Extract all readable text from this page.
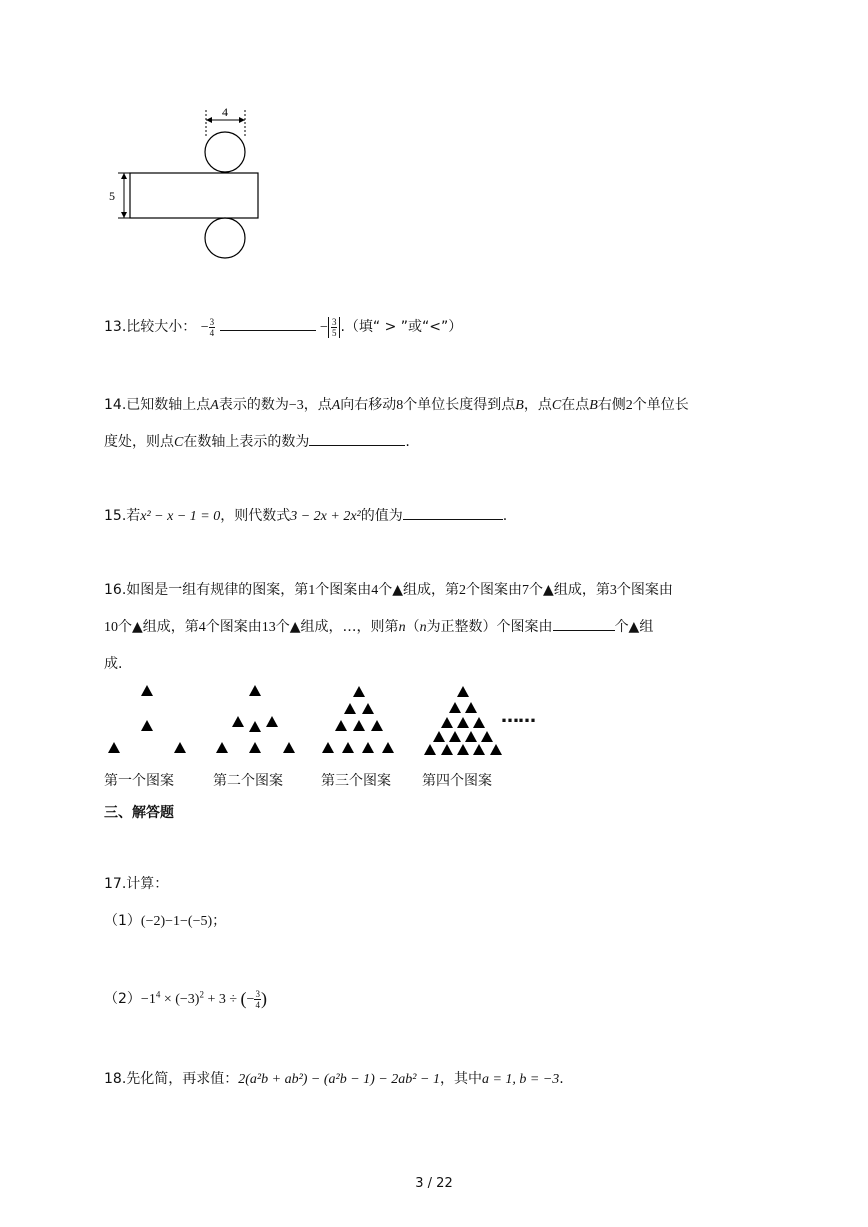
4
5
13.比较大小： − $\frac{3}{4}$	− $\frac{3}{5}$ .（填“ > ”或“<”）
14.已知数轴上点A表示的数为−3，点A向右移动8个单位长度得到点B，点C在点B右侧2个单位长
度处，则点C在数轴上表示的数为	.
15.若x² − x − 1 = 0，则代数式3 − 2x + 2x²的值为	.
16.如图是一组有规律的图案，第1个图案由4个▲组成，第2个图案由7个▲组成，第3个图案由
10个▲组成，第4个图案由13个▲组成，…，则第n（n为正整数）个图案由	个▲组
成.
……
第一个图案	第二个图案	第三个图案 第四个图案
三、解答题
17.计算：
（1）(−2)−1−(−5)；
$(2)-1^4 \times (-3)^2 + 3$ ÷ (− $\frac{3}{4}$ )
18.先化简，再求值：2(a²b + ab²) − (a²b − 1) − 2ab² − 1，其中a = 1, b = −3.
3 / 22
